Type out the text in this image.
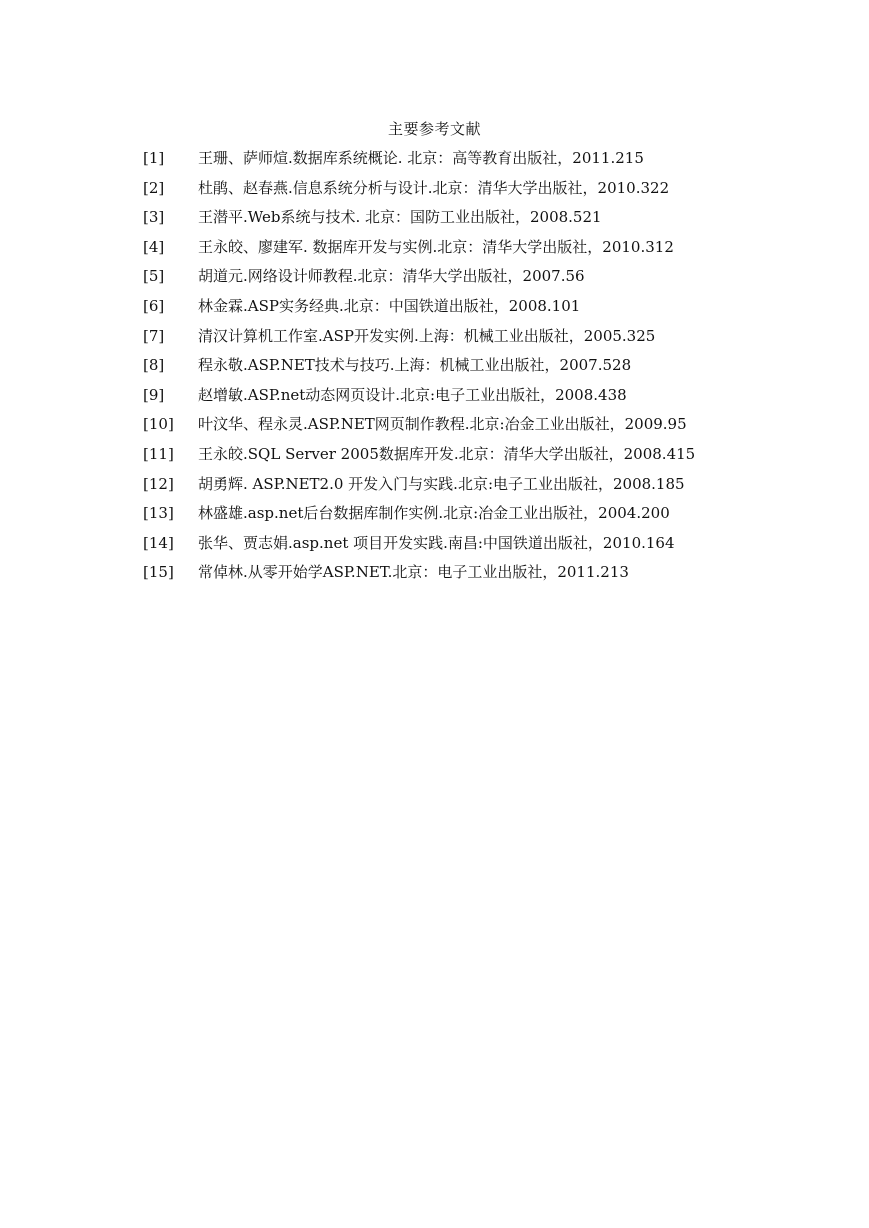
主要参考文献
[1]	王珊、萨师煊.数据库系统概论. 北京：高等教育出版社，2011.215
[2]	杜鹃、赵春燕.信息系统分析与设计.北京：清华大学出版社，2010.322
[3]	王潜平.Web系统与技术. 北京：国防工业出版社，2008.521
[4]	王永皎、廖建军. 数据库开发与实例.北京：清华大学出版社，2010.312
[5]	胡道元.网络设计师教程.北京：清华大学出版社，2007.56
[6]	林金霖.ASP实务经典.北京：中国铁道出版社，2008.101
[7]	清汉计算机工作室.ASP开发实例.上海：机械工业出版社，2005.325
[8]	程永敬.ASP.NET技术与技巧.上海：机械工业出版社，2007.528
[9]	赵增敏.ASP.net动态网页设计.北京:电子工业出版社，2008.438
[10]	叶汶华、程永灵.ASP.NET网页制作教程.北京:冶金工业出版社，2009.95
[11]	王永皎.SQL Server 2005数据库开发.北京：清华大学出版社，2008.415
[12]	胡勇辉. ASP.NET2.0 开发入门与实践.北京:电子工业出版社，2008.185
[13]	林盛雄.asp.net后台数据库制作实例.北京:冶金工业出版社，2004.200
[14]	张华、贾志娟.asp.net 项目开发实践.南昌:中国铁道出版社，2010.164
[15]	常倬林.从零开始学ASP.NET.北京：电子工业出版社，2011.213
